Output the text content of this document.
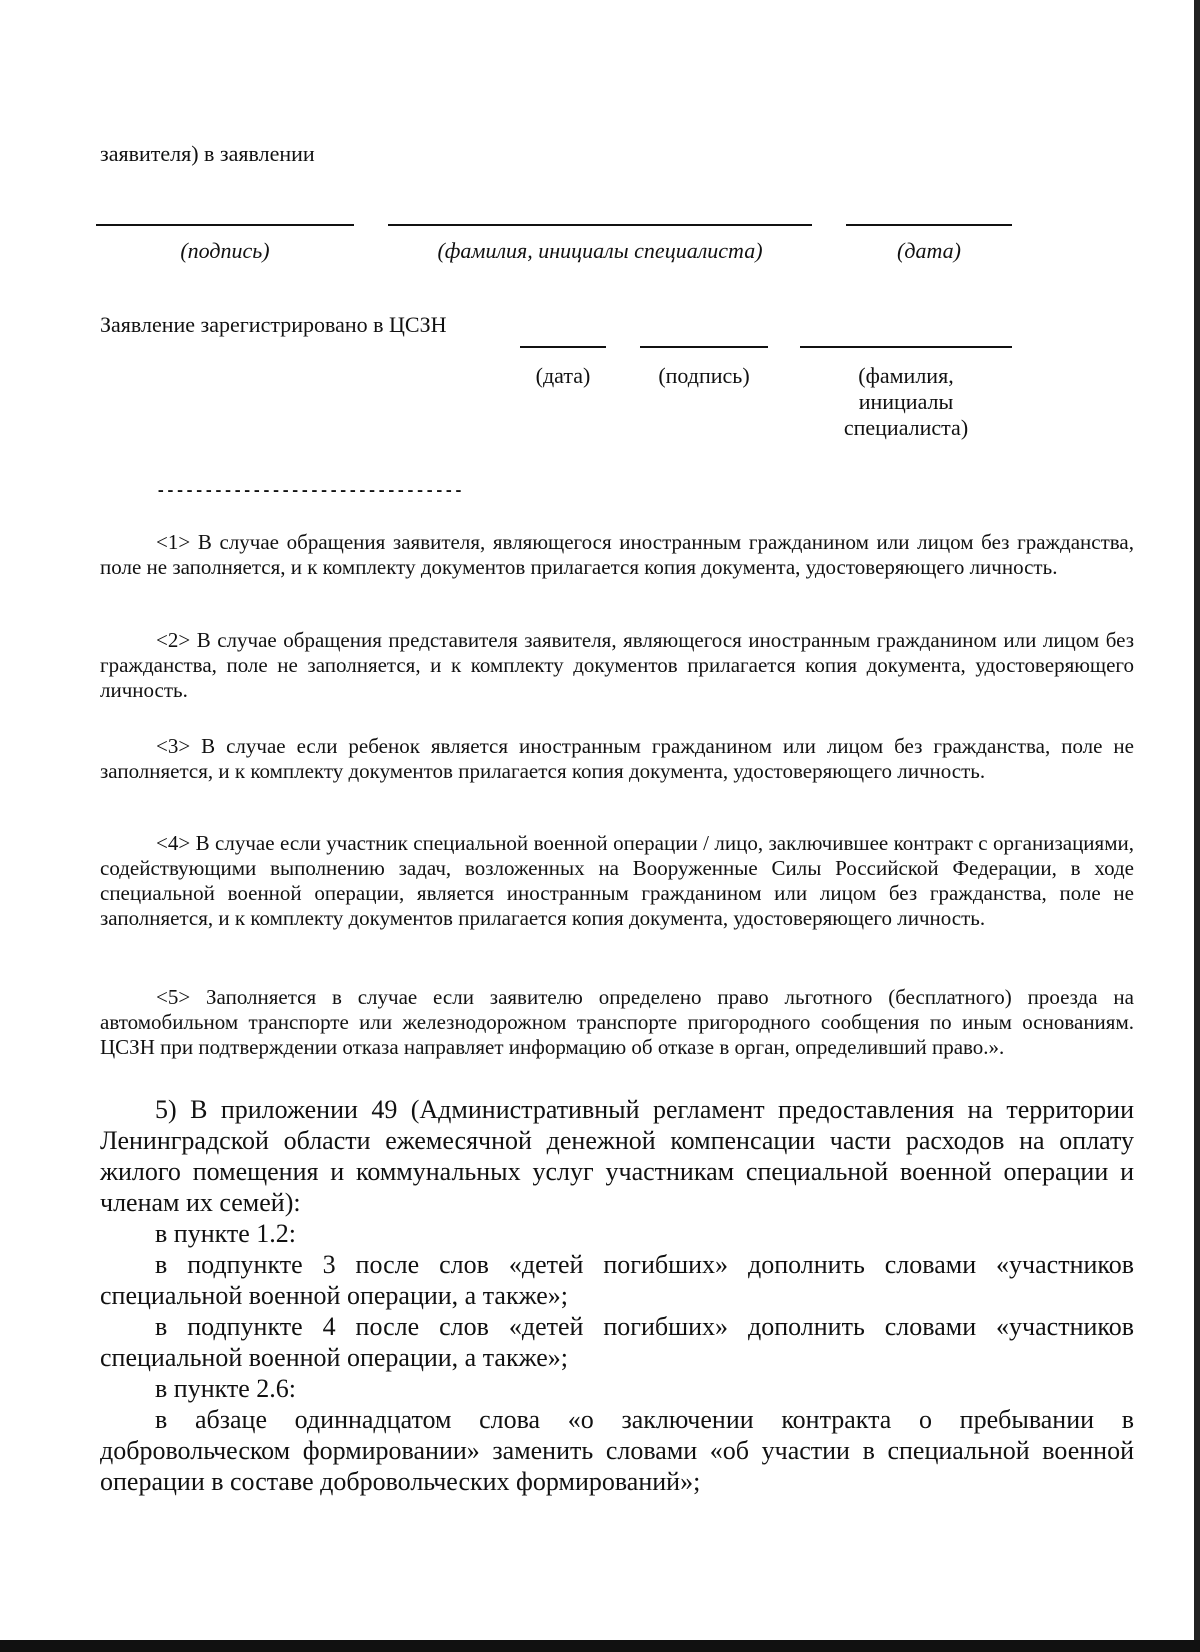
заявителя) в заявлении
(подпись)	(фамилия, инициалы специалиста)	(дата)
Заявление зарегистрировано в ЦСЗН
(дата)	(подпись)	(фамилия,
инициалы
специалиста)
--------------------------------
<1> В случае обращения заявителя, являющегося иностранным гражданином или лицом без гражданства, поле не заполняется, и к комплекту документов прилагается копия документа, удостоверяющего личность.
<2> В случае обращения представителя заявителя, являющегося иностранным гражданином или лицом без гражданства, поле не заполняется, и к комплекту документов прилагается копия документа, удостоверяющего личность.
<3> В случае если ребенок является иностранным гражданином или лицом без гражданства, поле не заполняется, и к комплекту документов прилагается копия документа, удостоверяющего личность.
<4> В случае если участник специальной военной операции / лицо, заключившее контракт с организациями, содействующими выполнению задач, возложенных на Вооруженные Силы Российской Федерации, в ходе специальной военной операции, является иностранным гражданином или лицом без гражданства, поле не заполняется, и к комплекту документов прилагается копия документа, удостоверяющего личность.
<5> Заполняется в случае если заявителю определено право льготного (бесплатного) проезда на автомобильном транспорте или железнодорожном транспорте пригородного сообщения по иным основаниям. ЦСЗН при подтверждении отказа направляет информацию об отказе в орган, определивший право.».

5) В приложении 49 (Административный регламент предоставления на территории Ленинградской области ежемесячной денежной компенсации части расходов на оплату жилого помещения и коммунальных услуг участникам специальной военной операции и членам их семей):

в пункте 1.2:

в подпункте 3 после слов «детей погибших» дополнить словами «участников специальной военной операции, а также»;

в подпункте 4 после слов «детей погибших» дополнить словами «участников специальной военной операции, а также»;

в пункте 2.6:

в абзаце одиннадцатом слова «о заключении контракта о пребывании в добровольческом формировании» заменить словами «об участии в специальной военной операции в составе добровольческих формирований»;
